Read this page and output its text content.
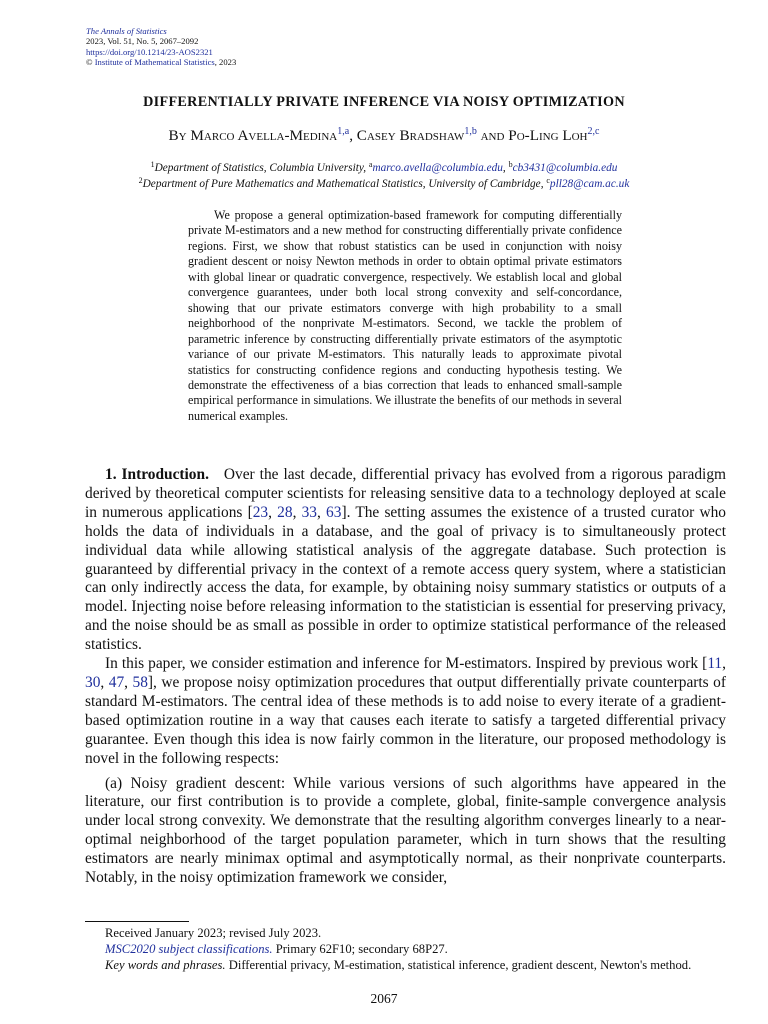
The Annals of Statistics
2023, Vol. 51, No. 5, 2067–2092
https://doi.org/10.1214/23-AOS2321
© Institute of Mathematical Statistics, 2023
DIFFERENTIALLY PRIVATE INFERENCE VIA NOISY OPTIMIZATION
By Marco Avella-Medina$^{1,a}$, Casey Bradshaw$^{1,b}$ and Po-Ling Loh$^{2,c}$
$^1$Department of Statistics, Columbia University, $^a$marco.avella@columbia.edu, $^b$cb3431@columbia.edu
$^2$Department of Pure Mathematics and Mathematical Statistics, University of Cambridge, $^c$pll28@cam.ac.uk

We propose a general optimization-based framework for computing differentially private M-estimators and a new method for constructing differentially private confidence regions. First, we show that robust statistics can be used in conjunction with noisy gradient descent or noisy Newton methods in order to obtain optimal private estimators with global linear or quadratic convergence, respectively. We establish local and global convergence guarantees, under both local strong convexity and self-concordance, showing that our private estimators converge with high probability to a small neighborhood of the nonprivate M-estimators. Second, we tackle the problem of parametric inference by constructing differentially private estimators of the asymptotic variance of our private M-estimators. This naturally leads to approximate pivotal statistics for constructing confidence regions and conducting hypothesis testing. We demonstrate the effectiveness of a bias correction that leads to enhanced small-sample empirical performance in simulations. We illustrate the benefits of our methods in several numerical examples.

1. Introduction. Over the last decade, differential privacy has evolved from a rigorous paradigm derived by theoretical computer scientists for releasing sensitive data to a technology deployed at scale in numerous applications [23, 28, 33, 63]. The setting assumes the existence of a trusted curator who holds the data of individuals in a database, and the goal of privacy is to simultaneously protect individual data while allowing statistical analysis of the aggregate database. Such protection is guaranteed by differential privacy in the context of a remote access query system, where a statistician can only indirectly access the data, for example, by obtaining noisy summary statistics or outputs of a model. Injecting noise before releasing information to the statistician is essential for preserving privacy, and the noise should be as small as possible in order to optimize statistical performance of the released statistics.

In this paper, we consider estimation and inference for M-estimators. Inspired by previous work [11, 30, 47, 58], we propose noisy optimization procedures that output differentially private counterparts of standard M-estimators. The central idea of these methods is to add noise to every iterate of a gradient-based optimization routine in a way that causes each iterate to satisfy a targeted differential privacy guarantee. Even though this idea is now fairly common in the literature, our proposed methodology is novel in the following respects:

(a) Noisy gradient descent: While various versions of such algorithms have appeared in the literature, our first contribution is to provide a complete, global, finite-sample convergence analysis under local strong convexity. We demonstrate that the resulting algorithm converges linearly to a near-optimal neighborhood of the target population parameter, which in turn shows that the resulting estimators are nearly minimax optimal and asymptotically normal, as their nonprivate counterparts. Notably, in the noisy optimization framework we consider,

Received January 2023; revised July 2023.

MSC2020 subject classifications. Primary 62F10; secondary 68P27.

Key words and phrases. Differential privacy, M-estimation, statistical inference, gradient descent, Newton's method.

2067
